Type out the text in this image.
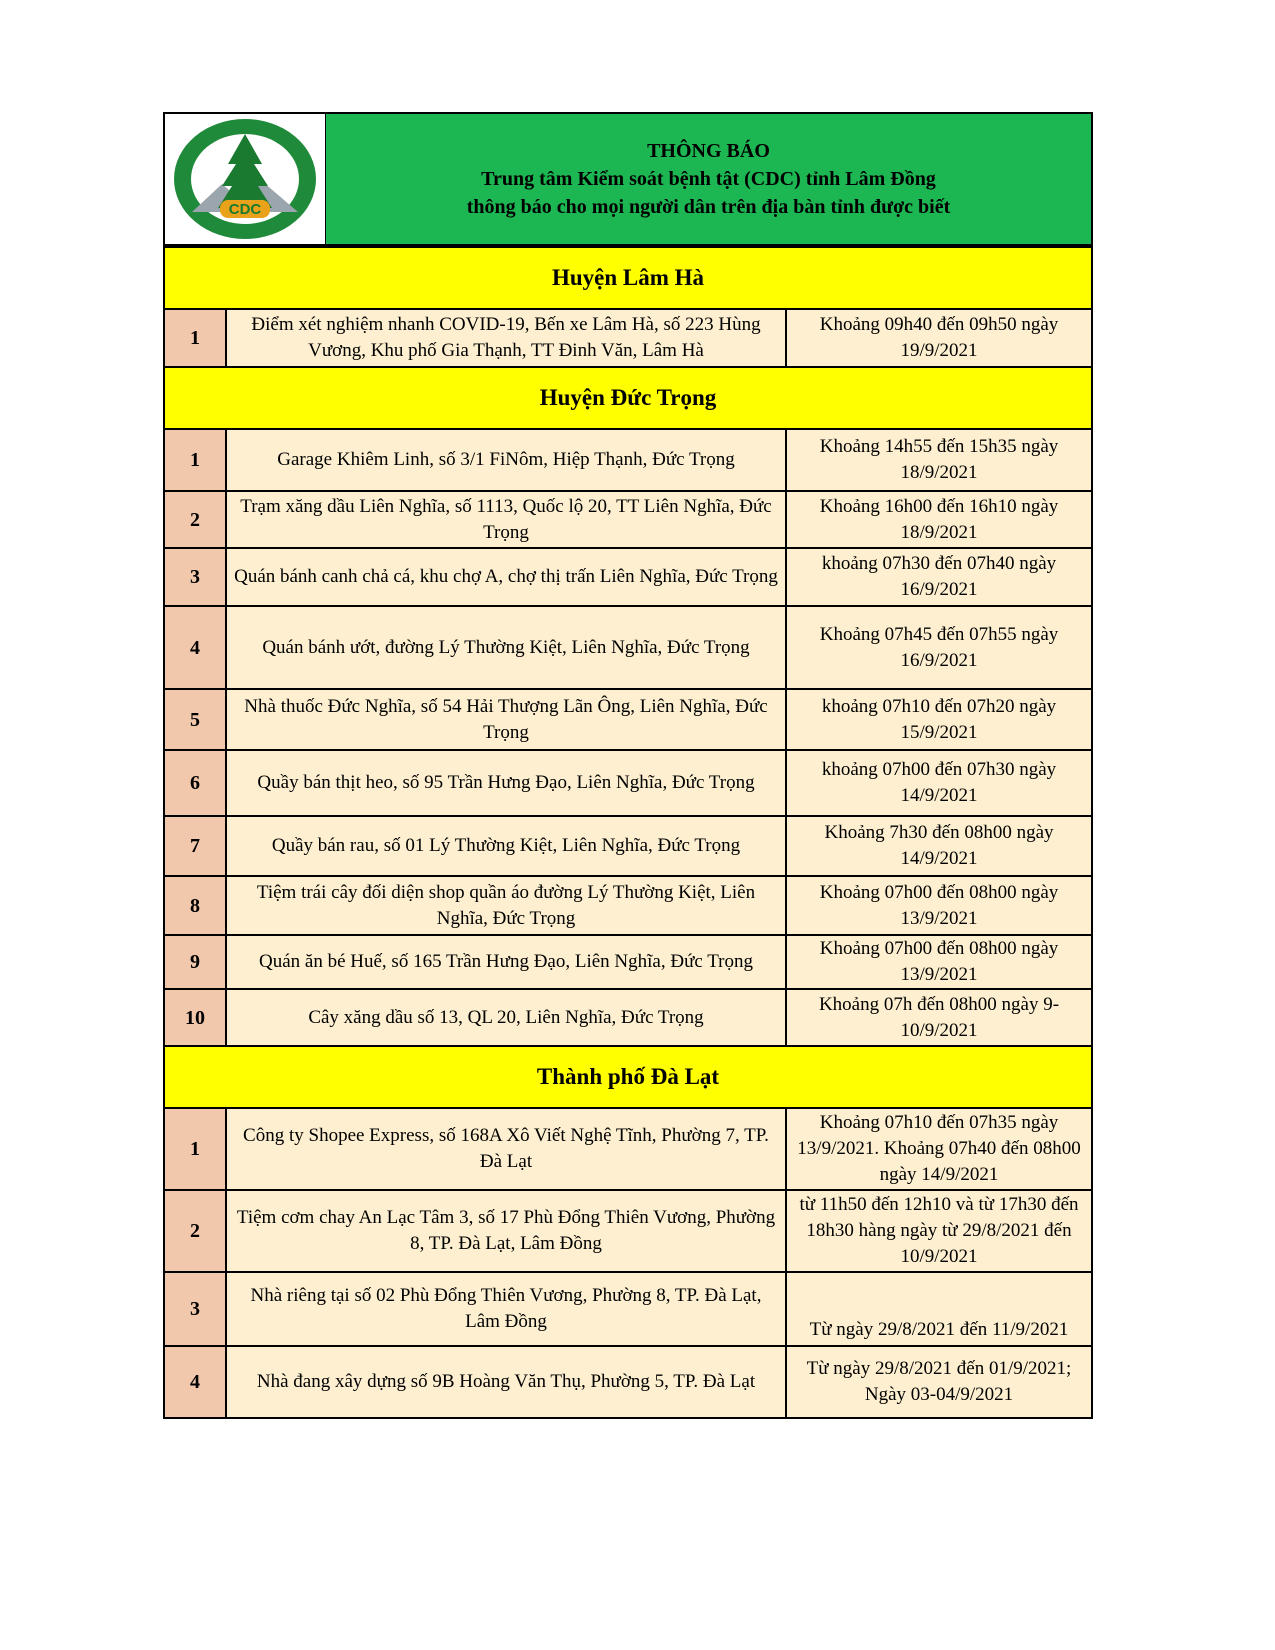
CDC
THÔNG BÁO
Trung tâm Kiểm soát bệnh tật (CDC) tỉnh Lâm Đồng
thông báo cho mọi người dân trên địa bàn tỉnh được biết
Huyện Lâm Hà		
1	Điểm xét nghiệm nhanh COVID-19, Bến xe Lâm Hà, số 223 Hùng Vương, Khu phố Gia Thạnh, TT Đinh Văn, Lâm Hà	Khoảng 09h40 đến 09h50 ngày 19/9/2021
Huyện Đức Trọng		
1	Garage Khiêm Linh, số 3/1 FiNôm, Hiệp Thạnh, Đức Trọng	Khoảng 14h55 đến 15h35 ngày 18/9/2021
2	Trạm xăng dầu Liên Nghĩa, số 1113, Quốc lộ 20, TT Liên Nghĩa, Đức Trọng	Khoảng 16h00 đến 16h10 ngày 18/9/2021
3	Quán bánh canh chả cá, khu chợ A, chợ thị trấn Liên Nghĩa, Đức Trọng	khoảng 07h30 đến 07h40 ngày 16/9/2021
4	Quán bánh ướt, đường Lý Thường Kiệt, Liên Nghĩa, Đức Trọng	Khoảng 07h45 đến 07h55 ngày 16/9/2021
5	Nhà thuốc Đức Nghĩa, số 54 Hải Thượng Lãn Ông, Liên Nghĩa, Đức Trọng	khoảng 07h10 đến 07h20 ngày 15/9/2021
6	Quầy bán thịt heo, số 95 Trần Hưng Đạo, Liên Nghĩa, Đức Trọng	khoảng 07h00 đến 07h30 ngày 14/9/2021
7	Quầy bán rau, số 01 Lý Thường Kiệt, Liên Nghĩa, Đức Trọng	Khoảng 7h30 đến 08h00 ngày 14/9/2021
8	Tiệm trái cây đối diện shop quần áo đường Lý Thường Kiệt, Liên Nghĩa, Đức Trọng	Khoảng 07h00 đến 08h00 ngày 13/9/2021
9	Quán ăn bé Huế, số 165 Trần Hưng Đạo, Liên Nghĩa, Đức Trọng	Khoảng 07h00 đến 08h00 ngày 13/9/2021
10	Cây xăng dầu số 13, QL 20, Liên Nghĩa, Đức Trọng	Khoảng 07h đến 08h00 ngày 9-10/9/2021
Thành phố Đà Lạt		
1	Công ty Shopee Express, số 168A Xô Viết Nghệ Tĩnh, Phường 7, TP. Đà Lạt	Khoảng 07h10 đến 07h35 ngày 13/9/2021. Khoảng 07h40 đến 08h00 ngày 14/9/2021
2	Tiệm cơm chay An Lạc Tâm 3, số 17 Phù Đổng Thiên Vương, Phường 8, TP. Đà Lạt, Lâm Đồng	từ 11h50 đến 12h10 và từ 17h30 đến 18h30 hàng ngày từ 29/8/2021 đến 10/9/2021
3	Nhà riêng tại số 02 Phù Đổng Thiên Vương, Phường 8, TP. Đà Lạt, Lâm Đồng	Từ ngày 29/8/2021 đến 11/9/2021
4	Nhà đang xây dựng số 9B Hoàng Văn Thụ, Phường 5, TP. Đà Lạt	Từ ngày 29/8/2021 đến 01/9/2021; Ngày 03-04/9/2021
